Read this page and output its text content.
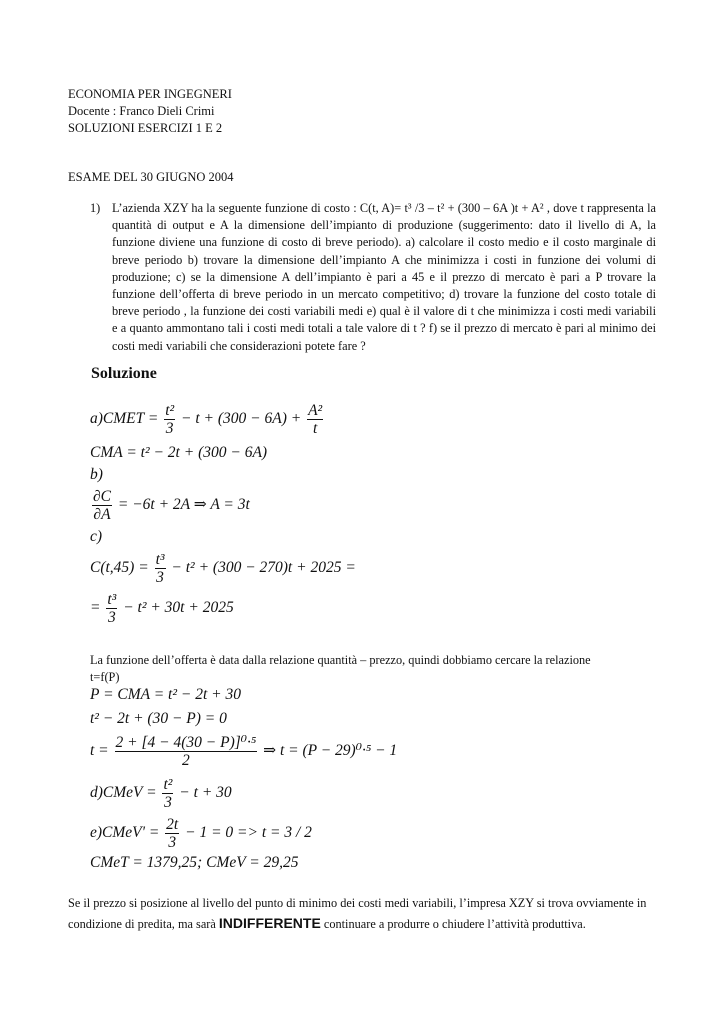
ECONOMIA PER INGEGNERI
Docente : Franco Dieli Crimi
SOLUZIONI ESERCIZI 1 E 2
ESAME DEL 30 GIUGNO 2004
1) L’azienda XZY ha la seguente funzione di costo : C(t, A)= t³ /3 – t² + (300 – 6A )t + A² , dove t rappresenta la quantità di output e A la dimensione dell’impianto di produzione (suggerimento: dato il livello di A, la funzione diviene una funzione di costo di breve periodo). a) calcolare il costo medio e il costo marginale di breve periodo b) trovare la dimensione dell’impianto A che minimizza i costi in funzione dei volumi di produzione; c) se la dimensione A dell’impianto è pari a 45 e il prezzo di mercato è pari a P trovare la funzione dell’offerta di breve periodo in un mercato competitivo; d) trovare la funzione del costo totale di breve periodo , la funzione dei costi variabili medi e) qual è il valore di t che minimizza i costi medi variabili e a quanto ammontano tali i costi medi totali a tale valore di t ? f) se il prezzo di mercato è pari al minimo dei costi medi variabili che considerazioni potete fare ?
Soluzione
a)CMET = $\frac{\text{t²}}{3} - t + (300 - 6A) + \frac{\text{A²}}{t}$
CMA = t² − 2t + (300 − 6A)
b)
$\frac{\partial C}{\partial A} = -6t + 2A$ ⇒ A = 3t
c)
$C(t,45) = \frac{\text{t³}}{3} - t^2 + (300 - 270)t + 2025$ =
= $\frac{\text{t³}}{3} - t^2 + 30t + 2025$
La funzione dell’offerta è data dalla relazione quantità – prezzo, quindi dobbiamo cercare la relazione
t=f(P)
P = CMA = t² − 2t + 30
t² − 2t + (30 − P) = 0
$t = \frac{\text{2 + [4 − 4(30 − P)]⁰·⁵}}{2}$ ⇒ t = (P − 29)⁰·⁵ − 1
d)CMeV = $\frac{\text{t²}}{3} - t + 30$
e)CMeV' = $\frac{2t}{3} - 1 = 0 => t = 3 / 2$
CMeT = 1379,25; CMeV = 29,25
Se il prezzo si posizione al livello del punto di minimo dei costi medi variabili, l’impresa XZY si trova ovviamente in condizione di predita, ma sarà INDIFFERENTE continuare a produrre o chiudere l’attività produttiva.
